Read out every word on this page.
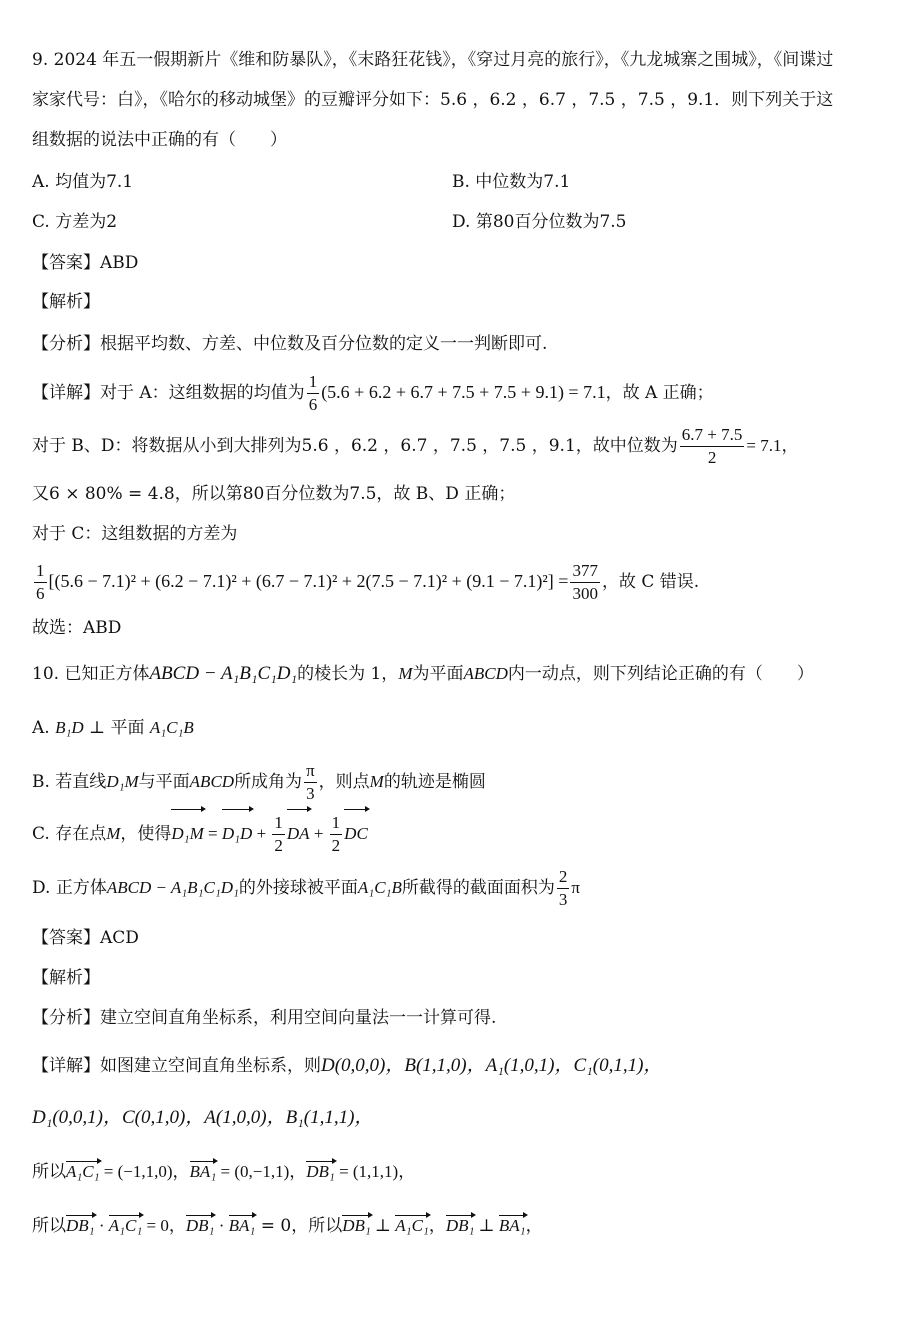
9. 2024 年五一假期新片《维和防暴队》，《末路狂花钱》，《穿过月亮的旅行》，《九龙城寨之围城》，《间谍过
家家代号：白》，《哈尔的移动城堡》的豆瓣评分如下：5.6 ，6.2 ，6.7 ，7.5 ，7.5 ，9.1．则下列关于这
组数据的说法中正确的有（　　）
A. 均值为7.1	B. 中位数为7.1
C. 方差为2	D. 第80百分位数为7.5
【答案】ABD
【解析】
【分析】根据平均数、方差、中位数及百分位数的定义一一判断即可.
【详解】对于 A：这组数据的均值为 $\frac{1}{6} (5.6 + 6.2 + 6.7 + 7.5 + 7.5 + 9.1) = 7.1$，故 A 正确；
对于 B、D：将数据从小到大排列为5.6 ，6.2 ，6.7 ，7.5 ，7.5 ，9.1，故中位数为 $\frac{6.7 + 7.5}{2} = 7.1$，
又6 × 80% = 4.8，所以第80百分位数为7.5，故 B、D 正确；
对于 C：这组数据的方差为
$\frac{1}{6} [(5.6 - 7.1)^2 + (6.2 - 7.1)^2 + (6.7 - 7.1)^2 + 2(7.5 - 7.1)^2 + (9.1 - 7.1)^2] = \frac{377}{300}$ ，故 C 错误.
故选：ABD
10. 已知正方体ABCD − A₁B₁C₁D₁的棱长为 1，M为平面ABCD内一动点，则下列结论正确的有（　　）
A. B₁D ⊥ 平面 A₁C₁B
B. 若直线D₁M与平面ABCD所成角为 $\frac{\pi}{3}$ ，则点M的轨迹是椭圆
C. 存在点M，使得$D_1M = D_1D + \frac{1}{2}$ DA + $\frac{1}{2}$ DC
D. 正方体ABCD − A₁B₁C₁D₁的外接球被平面A₁C₁B所截得的截面面积为 $\frac{2}{3}$ π
【答案】ACD
【解析】
【分析】建立空间直角坐标系，利用空间向量法一一计算可得.
【详解】如图建立空间直角坐标系，则D(0,0,0)，B(1,1,0)，A₁(1,0,1)，C₁(0,1,1)，
D₁(0,0,1)，C(0,1,0)，A(1,0,0)，B₁(1,1,1)，
所以A₁C₁ = (−1,1,0)，BA₁ = (0,−1,1)，DB₁ = (1,1,1)，
所以DB₁ · A₁C₁ = 0，DB₁ · BA₁ = 0，所以DB₁ ⊥ A₁C₁，DB₁ ⊥ BA₁，
